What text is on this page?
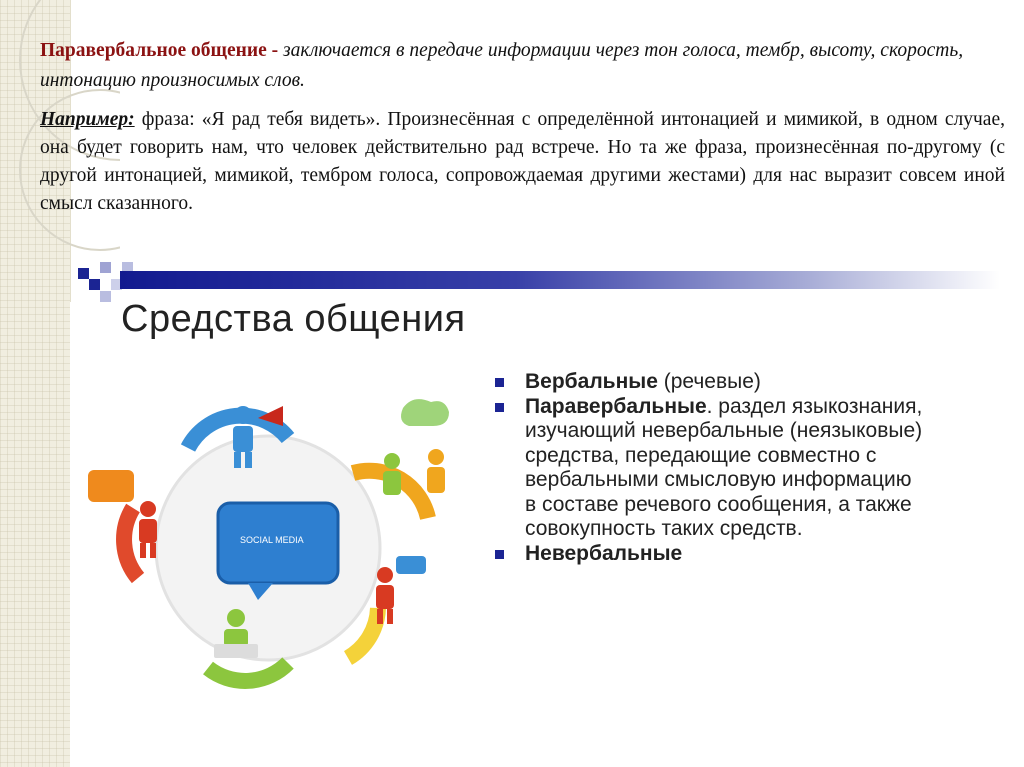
Паравербальное общение - заключается в передаче информации через тон голоса, тембр, высоту, скорость, интонацию произносимых слов.
Например: фраза: «Я рад тебя видеть». Произнесённая с определённой интонацией и мимикой, в одном случае, она будет говорить нам, что человек действительно рад встрече. Но та же фраза, произнесённая по-другому (с другой интонацией, мимикой, тембром голоса, сопровождаемая другими жестами) для нас выразит совсем иной смысл сказанного.
Средства общения
SOCIAL MEDIA
Вербальные (речевые)
Паравербальные. раздел языкознания, изучающий невербальные (неязыковые) средства, передающие совместно с вербальными смысловую информацию в составе речевого сообщения, а также совокупность таких средств.
Невербальные
